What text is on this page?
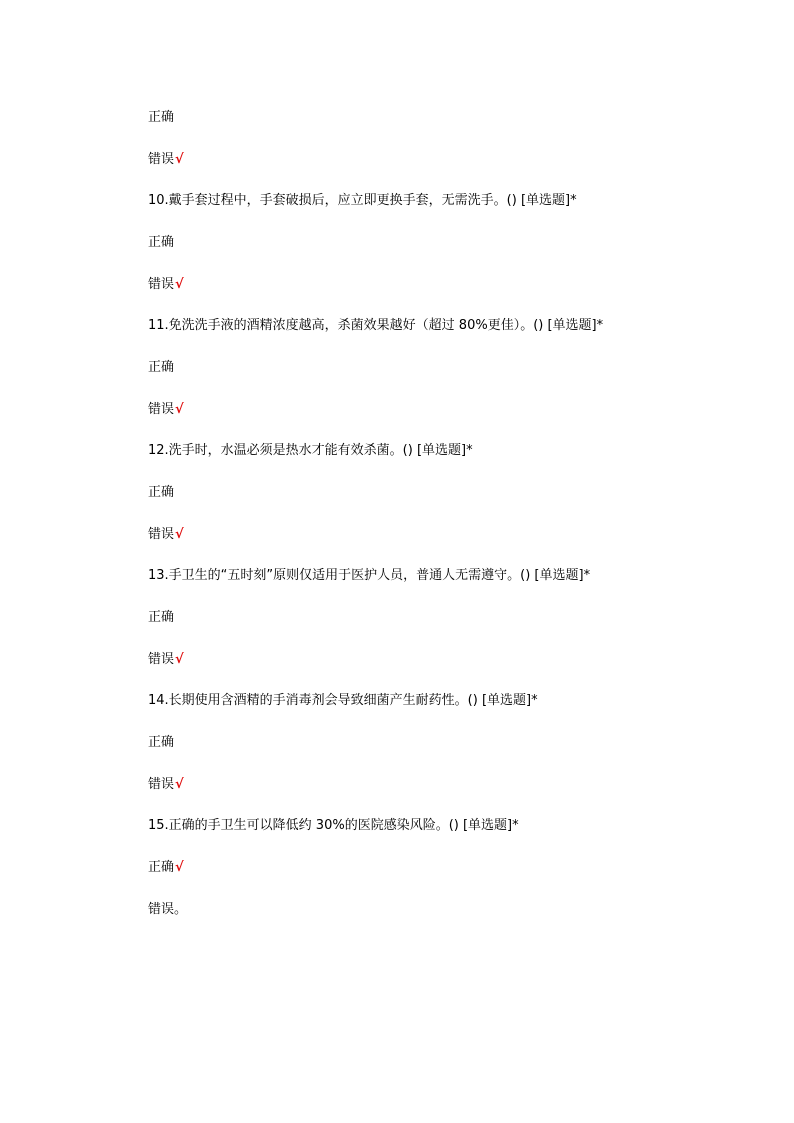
正确
错误√
10.戴手套过程中，手套破损后，应立即更换手套，无需洗手。() [单选题]*
正确
错误√
11.免洗洗手液的酒精浓度越高，杀菌效果越好（超过 80%更佳）。() [单选题]*
正确
错误√
12.洗手时，水温必须是热水才能有效杀菌。() [单选题]*
正确
错误√
13.手卫生的“五时刻”原则仅适用于医护人员，普通人无需遵守。() [单选题]*
正确
错误√
14.长期使用含酒精的手消毒剂会导致细菌产生耐药性。() [单选题]*
正确
错误√
15.正确的手卫生可以降低约 30%的医院感染风险。() [单选题]*
正确√
错误。
